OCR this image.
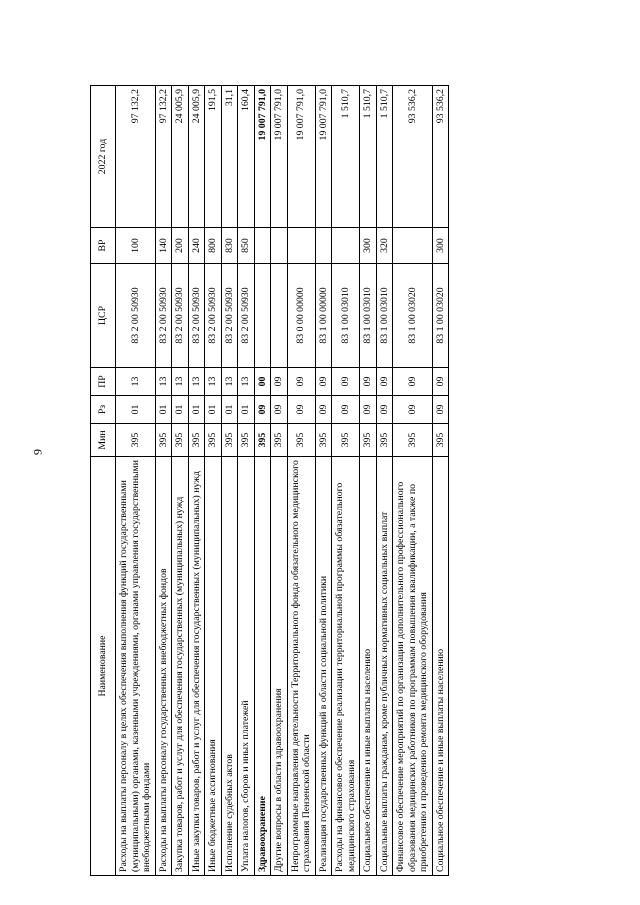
9
Наименование	Мин	Рз	ПР	ЦСР	ВР	2022 год
Расходы на выплаты персоналу в целях обеспечения выполнения функций государственными (муниципальными) органами, казенными учреждениями, органами управления государственными внебюджетными фондами	395	01	13	83 2 00 50930	100	97 132,2
Расходы на выплаты персоналу государственных внебюджетных фондов	395	01	13	83 2 00 50930	140	97 132,2
Закупка товаров, работ и услуг для обеспечения государственных (муниципальных) нужд	395	01	13	83 2 00 50930	200	24 005,9
Иные закупки товаров, работ и услуг для обеспечения государственных (муниципальных) нужд	395	01	13	83 2 00 50930	240	24 005,9
Иные бюджетные ассигнования	395	01	13	83 2 00 50930	800	191,5
Исполнение судебных актов	395	01	13	83 2 00 50930	830	31,1
Уплата налогов, сборов и иных платежей	395	01	13	83 2 00 50930	850	160,4
Здравоохранение	395	09	00			19 007 791,0
Другие вопросы в области здравоохранения	395	09	09			19 007 791,0
Непрограммные направления деятельности Территориального фонда обязательного медицинского страхования Пензенской области	395	09	09	83 0 00 00000		19 007 791,0
Реализация государственных функций в области социальной политики	395	09	09	83 1 00 00000		19 007 791,0
Расходы на финансовое обеспечение реализации территориальной программы обязательного медицинского страхования	395	09	09	83 1 00 03010		1 510,7
Социальное обеспечение и иные выплаты населению	395	09	09	83 1 00 03010	300	1 510,7
Социальные выплаты гражданам, кроме публичных нормативных социальных выплат	395	09	09	83 1 00 03010	320	1 510,7
Финансовое обеспечение мероприятий по организации дополнительного профессионального образования медицинских работников по программам повышения квалификации, а также по приобретению и проведению ремонта медицинского оборудования	395	09	09	83 1 00 03020		93 536,2
Социальное обеспечение и иные выплаты населению	395	09	09	83 1 00 03020	300	93 536,2
